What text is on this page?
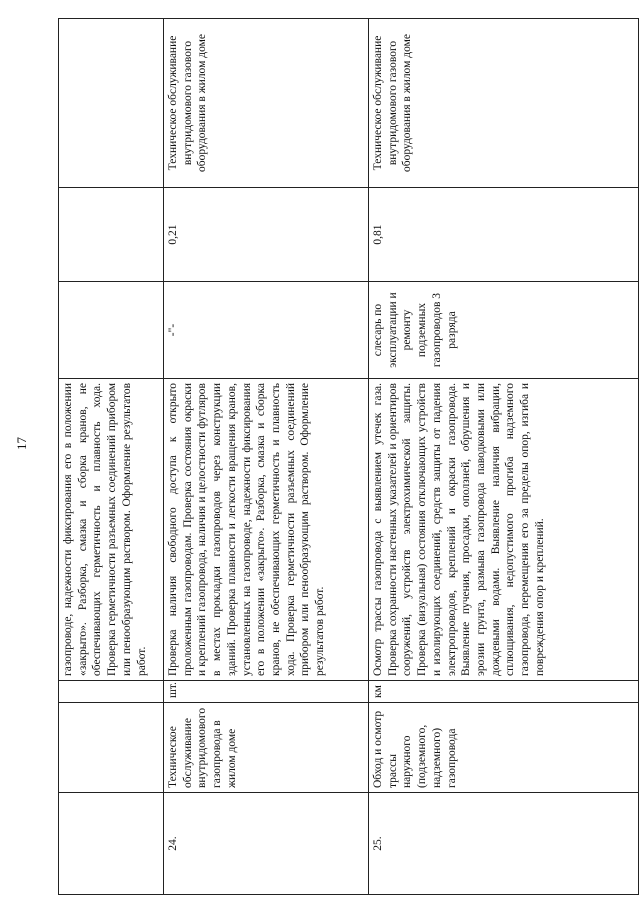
17
				газопроводе, надежности фиксирования его в положении «закрыто». Разборка, смазка и сборка кранов, не обеспечивающих герметичность и плавность хода. Проверка герметичности разъемных соединений прибором или пенообразующим раствором. Оформление результатов работ.			
24.	Техническое обслуживание внутридомового газопровода в жилом доме	шт.	Проверка наличия свободного доступа к открыто проложенным газопроводам. Проверка состояния окраски и креплений газопровода, наличия и целостности футляров в местах прокладки газопроводов через конструкции зданий. Проверка плавности и легкости вращения кранов, установленных на газопроводе, надежности фиксирования его в положении «закрыто». Разборка, смазка и сборка кранов, не обеспечивающих герметичность и плавность хода. Проверка герметичности разъемных соединений прибором или пенообразующим раствором. Оформление результатов работ.	-"-	0,21	Техническое обслуживание внутридомового газового оборудования в жилом доме
25.	Обход и осмотр трассы наружного (подземного, надземного) газопровода	км	Осмотр трассы газопровода с выявлением утечек газа. Проверка сохранности настенных указателей и ориентиров сооружений, устройств электрохимической защиты. Проверка (визуальная) состояния отключающих устройств и изолирующих соединений, средств защиты от падения электропроводов, креплений и окраски газопровода. Выявление пучения, просадки, оползней, обрушения и эрозии грунта, размыва газопровода паводковыми или дождевыми водами. Выявление наличия вибрации, сплющивания, недопустимого прогиба надземного газопровода, перемещения его за пределы опор, изгиба и повреждения опор и креплений.	слесарь по эксплуатации и ремонту подземных газопроводов 3 разряда	0,81	Техническое обслуживание внутридомового газового оборудования в жилом доме
